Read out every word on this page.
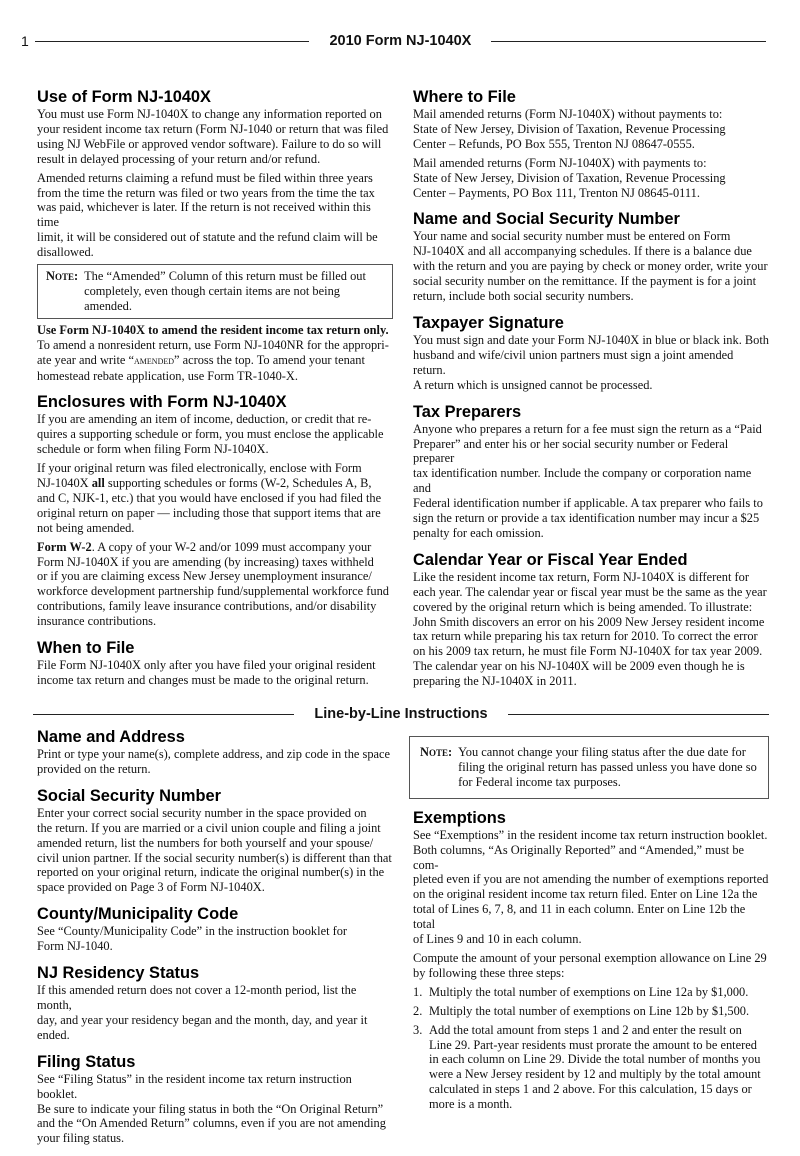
1	2010 Form NJ-1040X
Use of Form NJ-1040X

You must use Form NJ-1040X to change any information reported on
your resident income tax return (Form NJ-1040 or return that was filed
using NJ WebFile or approved vendor software). Failure to do so will
result in delayed processing of your return and/or refund.

Amended returns claiming a refund must be filed within three years
from the time the return was filed or two years from the time the tax
was paid, whichever is later. If the return is not received within this time
limit, it will be considered out of statute and the refund claim will be
disallowed.

Note: The “Amended” Column of this return must be filled out
completely, even though certain items are not being amended.

Use Form NJ-1040X to amend the resident income tax return only.
To amend a nonresident return, use Form NJ-1040NR for the appropri-
ate year and write “amended” across the top. To amend your tenant
homestead rebate application, use Form TR-1040-X.

Enclosures with Form NJ-1040X

If you are amending an item of income, deduction, or credit that re-
quires a supporting schedule or form, you must enclose the applicable
schedule or form when filing Form NJ-1040X.

If your original return was filed electronically, enclose with Form
NJ-1040X all supporting schedules or forms (W-2, Schedules A, B,
and C, NJK-1, etc.) that you would have enclosed if you had filed the
original return on paper — including those that support items that are
not being amended.

Form W-2. A copy of your W-2 and/or 1099 must accompany your
Form NJ-1040X if you are amending (by increasing) taxes withheld
or if you are claiming excess New Jersey unemployment insurance/
workforce development partnership fund/supplemental workforce fund
contributions, family leave insurance contributions, and/or disability
insurance contributions.

When to File

File Form NJ-1040X only after you have filed your original resident
income tax return and changes must be made to the original return.

Where to File

Mail amended returns (Form NJ-1040X) without payments to:
State of New Jersey, Division of Taxation, Revenue Processing
Center – Refunds, PO Box 555, Trenton NJ 08647-0555.

Mail amended returns (Form NJ-1040X) with payments to:
State of New Jersey, Division of Taxation, Revenue Processing
Center – Payments, PO Box 111, Trenton NJ 08645-0111.

Name and Social Security Number

Your name and social security number must be entered on Form
NJ-1040X and all accompanying schedules. If there is a balance due
with the return and you are paying by check or money order, write your
social security number on the remittance. If the payment is for a joint
return, include both social security numbers.

Taxpayer Signature

You must sign and date your Form NJ-1040X in blue or black ink. Both
husband and wife/civil union partners must sign a joint amended return.
A return which is unsigned cannot be processed.

Tax Preparers

Anyone who prepares a return for a fee must sign the return as a “Paid
Preparer” and enter his or her social security number or Federal preparer
tax identification number. Include the company or corporation name and
Federal identification number if applicable. A tax preparer who fails to
sign the return or provide a tax identification number may incur a $25
penalty for each omission.

Calendar Year or Fiscal Year Ended

Like the resident income tax return, Form NJ-1040X is different for
each year. The calendar year or fiscal year must be the same as the year
covered by the original return which is being amended. To illustrate:
John Smith discovers an error on his 2009 New Jersey resident income
tax return while preparing his tax return for 2010. To correct the error
on his 2009 tax return, he must file Form NJ-1040X for tax year 2009.
The calendar year on his NJ-1040X will be 2009 even though he is
preparing the NJ-1040X in 2011.

Line-by-Line Instructions
Name and Address

Print or type your name(s), complete address, and zip code in the space
provided on the return.

Social Security Number

Enter your correct social security number in the space provided on
the return. If you are married or a civil union couple and filing a joint
amended return, list the numbers for both yourself and your spouse/
civil union partner. If the social security number(s) is different than that
reported on your original return, indicate the original number(s) in the
space provided on Page 3 of Form NJ-1040X.

County/Municipality Code

See “County/Municipality Code” in the instruction booklet for
Form NJ-1040.

NJ Residency Status

If this amended return does not cover a 12-month period, list the month,
day, and year your residency began and the month, day, and year it ended.

Filing Status

See “Filing Status” in the resident income tax return instruction booklet.
Be sure to indicate your filing status in both the “On Original Return”
and the “On Amended Return” columns, even if you are not amending
your filing status.

Note: You cannot change your filing status after the due date for
filing the original return has passed unless you have done so
for Federal income tax purposes.
Exemptions

See “Exemptions” in the resident income tax return instruction booklet.
Both columns, “As Originally Reported” and “Amended,” must be com-
pleted even if you are not amending the number of exemptions reported
on the original resident income tax return filed. Enter on Line 12a the
total of Lines 6, 7, 8, and 11 in each column. Enter on Line 12b the total
of Lines 9 and 10 in each column.

Compute the amount of your personal exemption allowance on Line 29
by following these three steps:

1. Multiply the total number of exemptions on Line 12a by $1,000.
2. Multiply the total number of exemptions on Line 12b by $1,500.
3. Add the total amount from steps 1 and 2 and enter the result on
Line 29. Part-year residents must prorate the amount to be entered
in each column on Line 29. Divide the total number of months you
were a New Jersey resident by 12 and multiply by the total amount
calculated in steps 1 and 2 above. For this calculation, 15 days or
more is a month.
